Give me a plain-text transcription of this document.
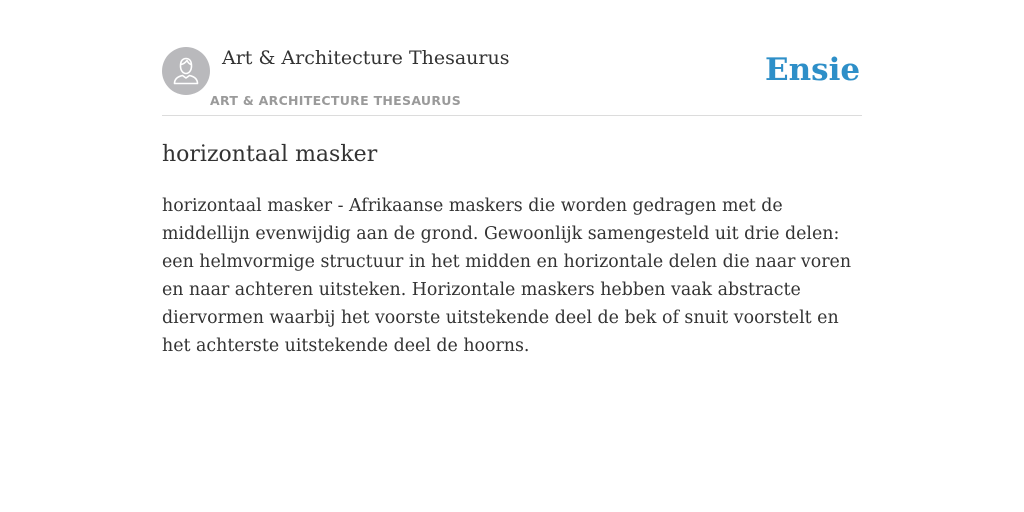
Art & Architecture Thesaurus
ART & ARCHITECTURE THESAURUS
Ensie
horizontaal masker

horizontaal masker - Afrikaanse maskers die worden gedragen met de middellijn evenwijdig aan de grond. Gewoonlijk samengesteld uit drie delen: een helmvormige structuur in het midden en horizontale delen die naar voren en naar achteren uitsteken. Horizontale maskers hebben vaak abstracte diervormen waarbij het voorste uitstekende deel de bek of snuit voorstelt en het achterste uitstekende deel de hoorns.
